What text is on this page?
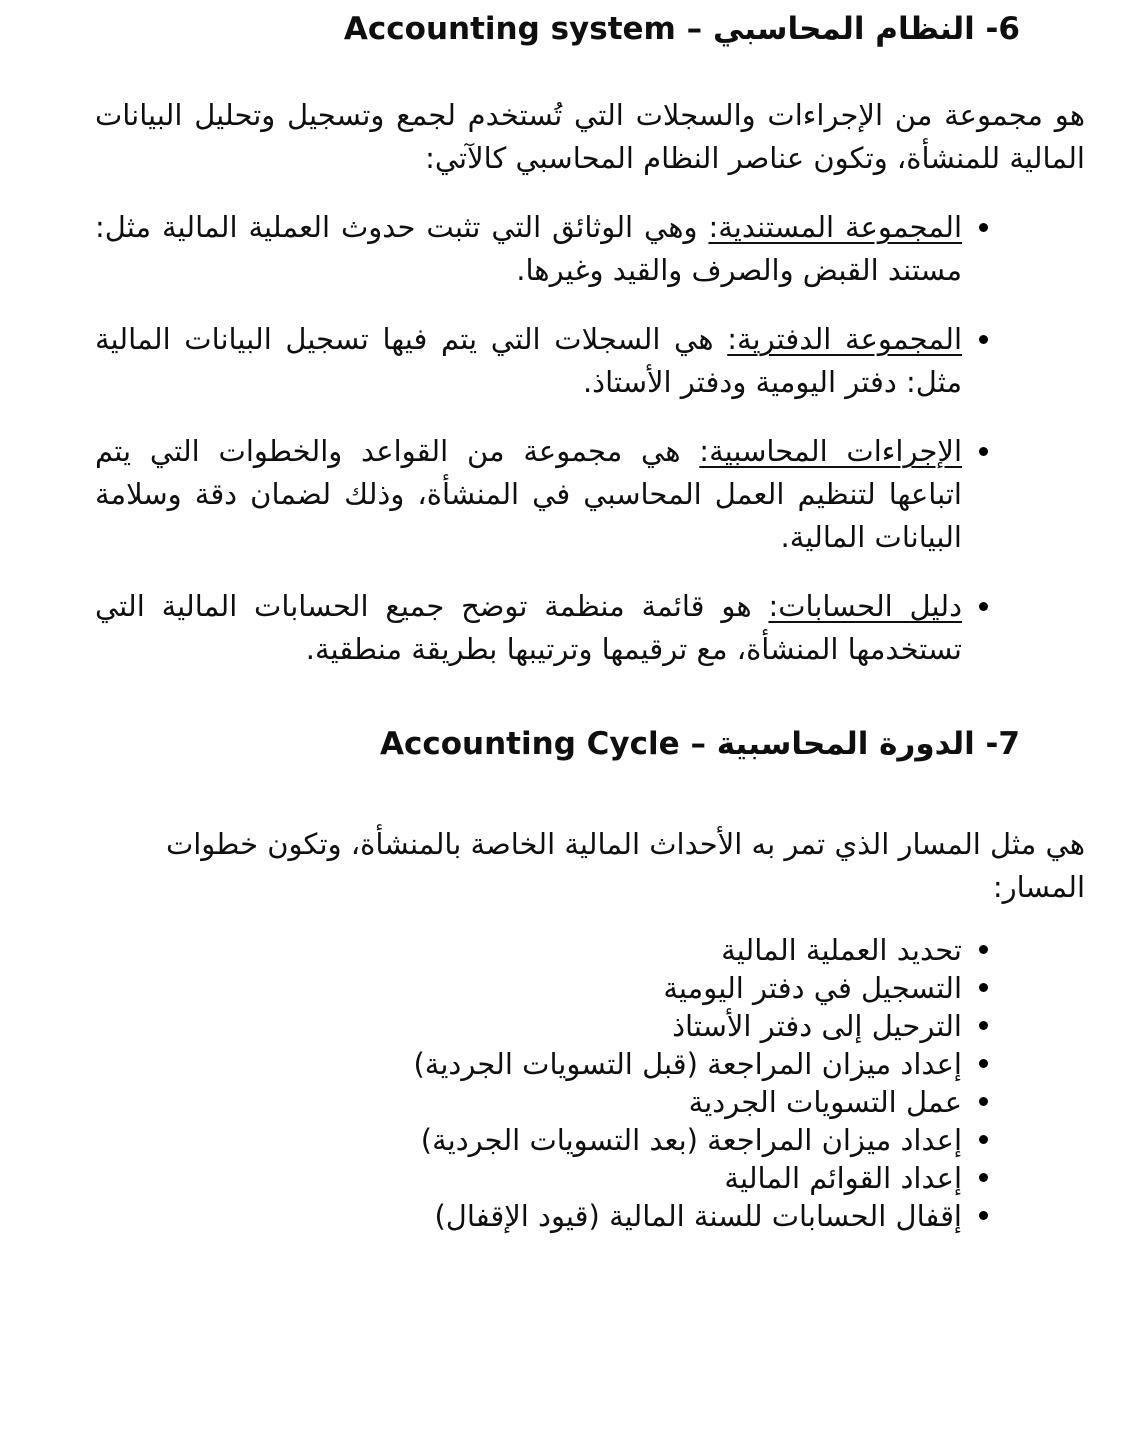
6- النظام المحاسبي – Accounting system

هو مجموعة من الإجراءات والسجلات التي تُستخدم لجمع وتسجيل وتحليل البيانات المالية للمنشأة، وتكون عناصر النظام المحاسبي كالآتي:

المجموعة المستندية: وهي الوثائق التي تثبت حدوث العملية المالية مثل: مستند القبض والصرف والقيد وغيرها.
المجموعة الدفترية: هي السجلات التي يتم فيها تسجيل البيانات المالية مثل: دفتر اليومية ودفتر الأستاذ.
الإجراءات المحاسبية: هي مجموعة من القواعد والخطوات التي يتم اتباعها لتنظيم العمل المحاسبي في المنشأة، وذلك لضمان دقة وسلامة البيانات المالية.
دليل الحسابات: هو قائمة منظمة توضح جميع الحسابات المالية التي تستخدمها المنشأة، مع ترقيمها وترتيبها بطريقة منطقية.
7- الدورة المحاسبية – Accounting Cycle

هي مثل المسار الذي تمر به الأحداث المالية الخاصة بالمنشأة، وتكون خطوات المسار:

تحديد العملية المالية
التسجيل في دفتر اليومية
الترحيل إلى دفتر الأستاذ
إعداد ميزان المراجعة (قبل التسويات الجردية)
عمل التسويات الجردية
إعداد ميزان المراجعة (بعد التسويات الجردية)
إعداد القوائم المالية
إقفال الحسابات للسنة المالية (قيود الإقفال)
